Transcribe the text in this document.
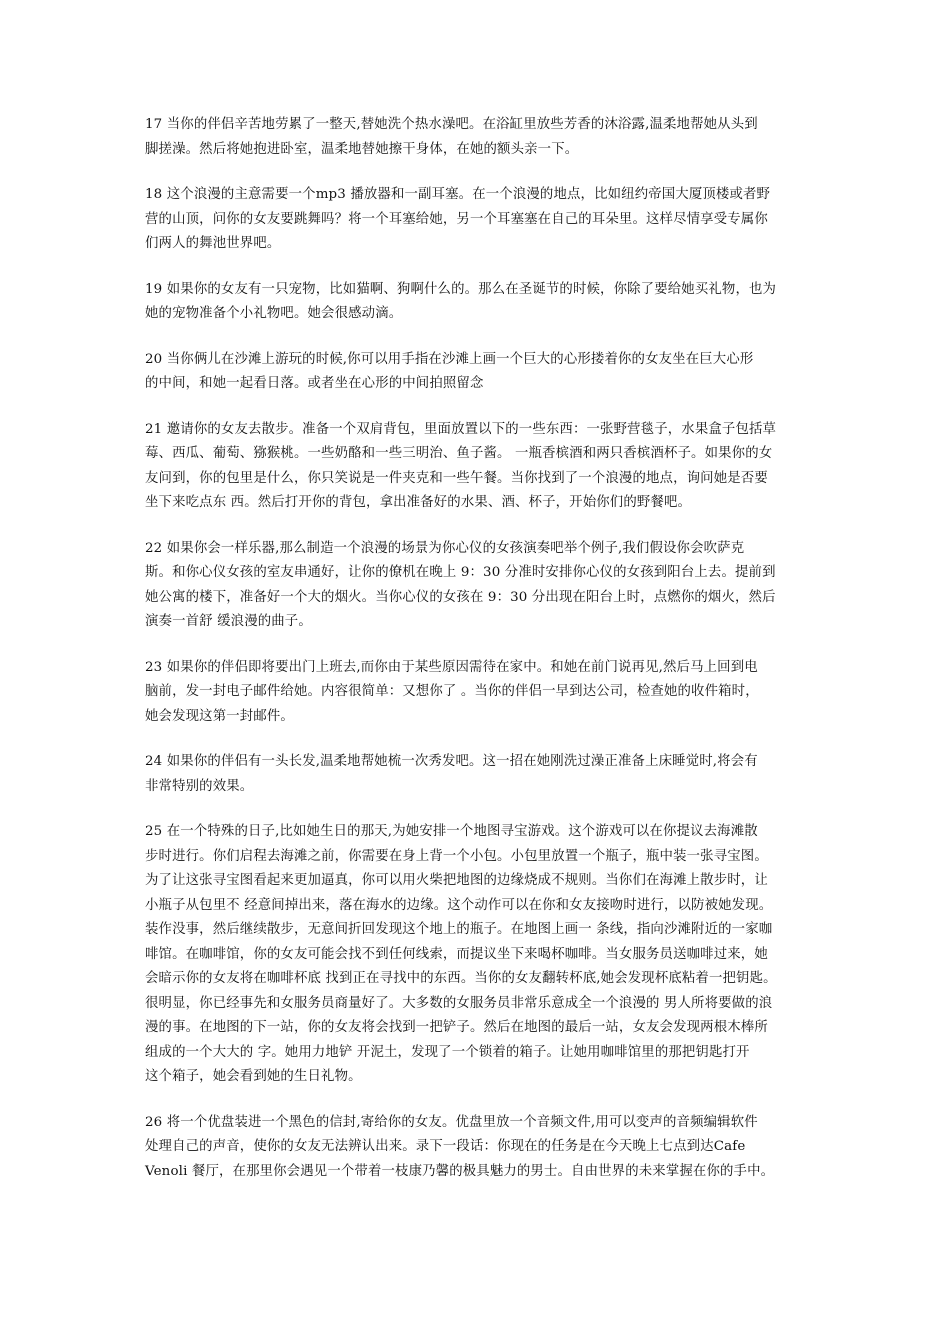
17 当你的伴侣辛苦地劳累了一整天,替她洗个热水澡吧。在浴缸里放些芳香的沐浴露,温柔地帮她从头到
脚搓澡。然后将她抱进卧室，温柔地替她擦干身体，在她的额头亲一下。
18 这个浪漫的主意需要一个mp3 播放器和一副耳塞。在一个浪漫的地点，比如纽约帝国大厦顶楼或者野
营的山顶，问你的女友要跳舞吗？将一个耳塞给她，另一个耳塞塞在自己的耳朵里。这样尽情享受专属你
们两人的舞池世界吧。
19 如果你的女友有一只宠物，比如猫啊、狗啊什么的。那么在圣诞节的时候，你除了要给她买礼物，也为
她的宠物准备个小礼物吧。她会很感动滴。
20 当你俩儿在沙滩上游玩的时候,你可以用手指在沙滩上画一个巨大的心形搂着你的女友坐在巨大心形
的中间，和她一起看日落。或者坐在心形的中间拍照留念
21 邀请你的女友去散步。准备一个双肩背包，里面放置以下的一些东西：一张野营毯子，水果盒子包括草
莓、西瓜、葡萄、猕猴桃。一些奶酪和一些三明治、鱼子酱。 一瓶香槟酒和两只香槟酒杯子。如果你的女
友问到，你的包里是什么，你只笑说是一件夹克和一些午餐。当你找到了一个浪漫的地点，询问她是否要
坐下来吃点东 西。然后打开你的背包，拿出准备好的水果、酒、杯子，开始你们的野餐吧。
22 如果你会一样乐器,那么制造一个浪漫的场景为你心仪的女孩演奏吧举个例子,我们假设你会吹萨克
斯。和你心仪女孩的室友串通好，让你的僚机在晚上 9：30 分准时安排你心仪的女孩到阳台上去。提前到
她公寓的楼下，准备好一个大的烟火。当你心仪的女孩在 9：30 分出现在阳台上时，点燃你的烟火，然后
演奏一首舒 缓浪漫的曲子。
23 如果你的伴侣即将要出门上班去,而你由于某些原因需待在家中。和她在前门说再见,然后马上回到电
脑前，发一封电子邮件给她。内容很简单：又想你了 。当你的伴侣一早到达公司，检查她的收件箱时，
她会发现这第一封邮件。
24 如果你的伴侣有一头长发,温柔地帮她梳一次秀发吧。这一招在她刚洗过澡正准备上床睡觉时,将会有
非常特别的效果。
25 在一个特殊的日子,比如她生日的那天,为她安排一个地图寻宝游戏。这个游戏可以在你提议去海滩散
步时进行。你们启程去海滩之前，你需要在身上背一个小包。小包里放置一个瓶子，瓶中装一张寻宝图。
为了让这张寻宝图看起来更加逼真，你可以用火柴把地图的边缘烧成不规则。当你们在海滩上散步时，让
小瓶子从包里不 经意间掉出来，落在海水的边缘。这个动作可以在你和女友接吻时进行，以防被她发现。
装作没事，然后继续散步，无意间折回发现这个地上的瓶子。在地图上画一 条线，指向沙滩附近的一家咖
啡馆。在咖啡馆，你的女友可能会找不到任何线索，而提议坐下来喝杯咖啡。当女服务员送咖啡过来，她
会暗示你的女友将在咖啡杯底 找到正在寻找中的东西。当你的女友翻转杯底,她会发现杯底粘着一把钥匙。
很明显，你已经事先和女服务员商量好了。大多数的女服务员非常乐意成全一个浪漫的 男人所将要做的浪
漫的事。在地图的下一站，你的女友将会找到一把铲子。然后在地图的最后一站，女友会发现两根木棒所
组成的一个大大的 字。她用力地铲 开泥土，发现了一个锁着的箱子。让她用咖啡馆里的那把钥匙打开
这个箱子，她会看到她的生日礼物。
26 将一个优盘装进一个黑色的信封,寄给你的女友。优盘里放一个音频文件,用可以变声的音频编辑软件
处理自己的声音，使你的女友无法辨认出来。录下一段话：你现在的任务是在今天晚上七点到达Cafe
Venoli 餐厅，在那里你会遇见一个带着一枝康乃馨的极具魅力的男士。自由世界的未来掌握在你的手中。
